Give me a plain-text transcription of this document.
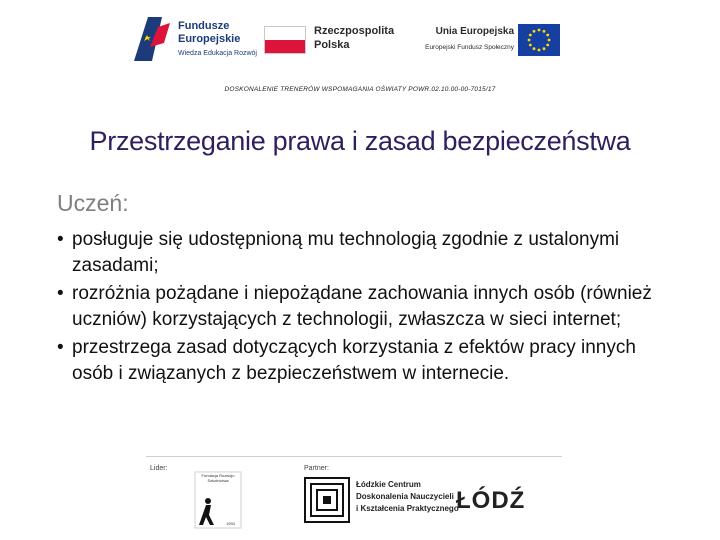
Fundusze
Europejskie
Wiedza Edukacja Rozwój
Rzeczpospolita
Polska
Unia Europejska
Europejski Fundusz Społeczny
DOSKONALENIE TRENERÓW WSPOMAGANIA OŚWIATY POWR.02.10.00-00-7015/17
Przestrzeganie prawa i zasad bezpieczeństwa
Uczeń:
• posługuje się udostępnioną mu technologią zgodnie z ustalonymi zasadami;
• rozróżnia pożądane i niepożądane zachowania innych osób (również uczniów) korzystających z technologii, zwłaszcza w sieci internet;
• przestrzega zasad dotyczących korzystania z efektów pracy innych osób i związanych z bezpieczeństwem w internecie.
Lider:	Partner:
Fundacja Rozwoju Szkolnictwa
1993
Łódzkie Centrum
Doskonalenia Nauczycieli
i Kształcenia Praktycznego
ŁÓDŹ
